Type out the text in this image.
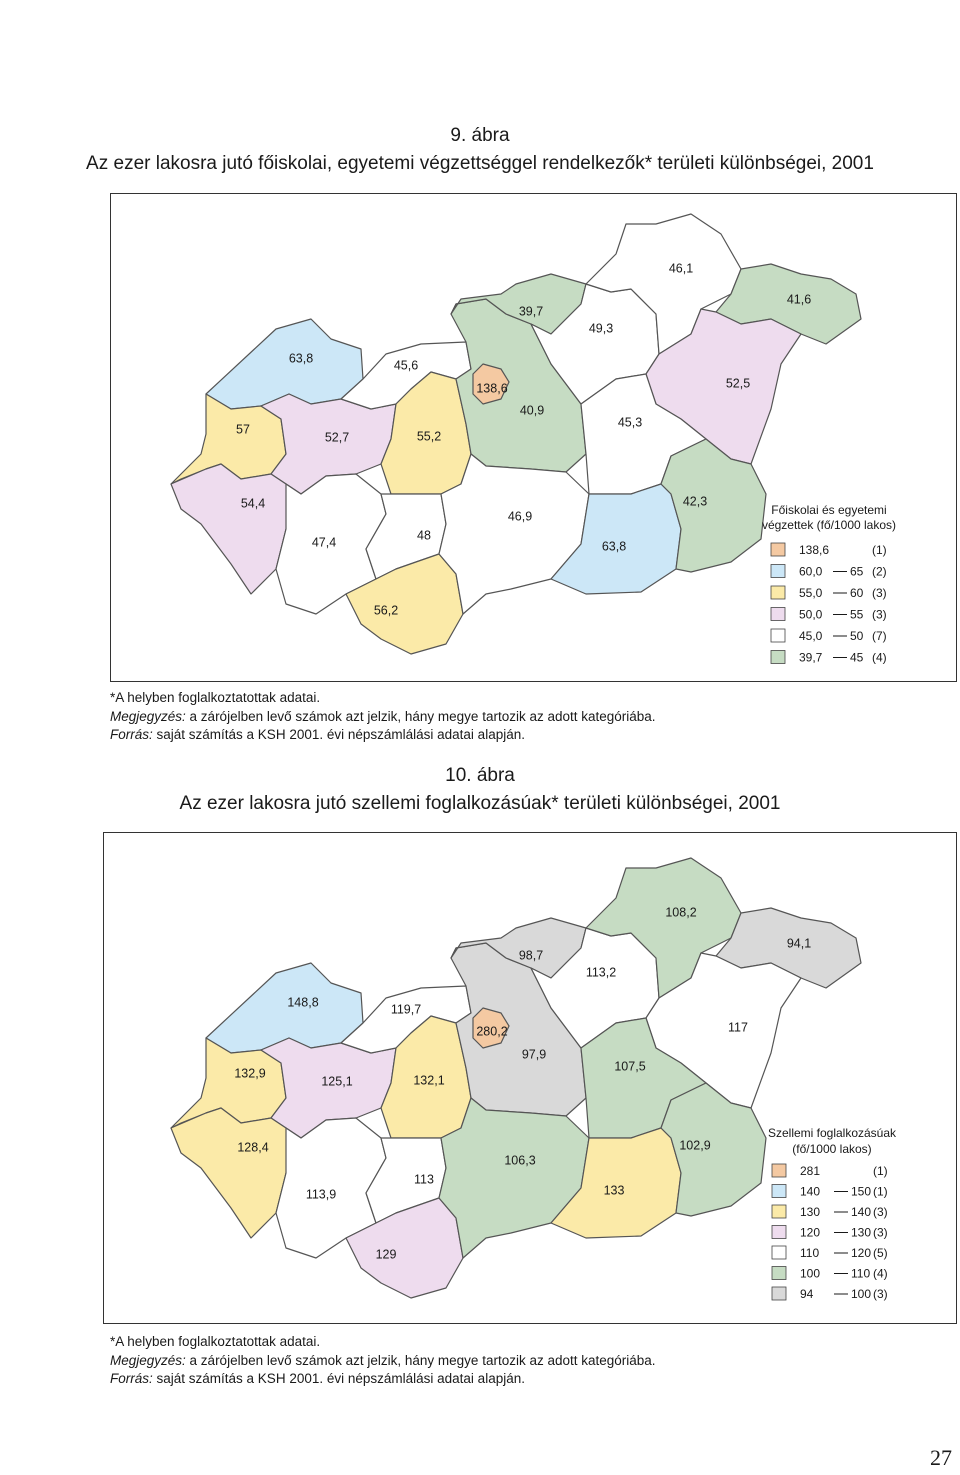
9. ábra
Az ezer lakosra jutó főiskolai, egyetemi végzettséggel rendelkezők* területi különbségei, 2001
63,8
57
52,7
45,6
55,2
40,9
138,6
39,7
49,3
46,1
41,6
52,5
45,3
54,4
47,4	48
56,2
46,9
63,8
42,3
Főiskolai és egyetemi
végzettek (fő/1000 lakos)
138,6	(1)
60,0 65 (2)
55,0 60 (3)
50,0 55 (3)
45,0 50 (7)
39,7 45 (4)
*A helyben foglalkoztatottak adatai.
Megjegyzés: a zárójelben levő számok azt jelzik, hány megye tartozik az adott kategóriába.
Forrás: saját számítás a KSH 2001. évi népszámlálási adatai alapján.
10. ábra
Az ezer lakosra jutó szellemi foglalkozásúak* területi különbségei, 2001
148,8
132,9
125,1
119,7
132,1
97,9
280,2
98,7
113,2
108,2
94,1
117
107,5
128,4
113,9
113
129
106,3
133
102,9
Szellemi foglalkozásúak
(fő/1000 lakos)
281	(1)
140	150 (1)
130	140 (3)
120	130 (3)
110	120 (5)
100	110 (4)
94	100 (3)
*A helyben foglalkoztatottak adatai.
Megjegyzés: a zárójelben levő számok azt jelzik, hány megye tartozik az adott kategóriába.
Forrás: saját számítás a KSH 2001. évi népszámlálási adatai alapján.
27
